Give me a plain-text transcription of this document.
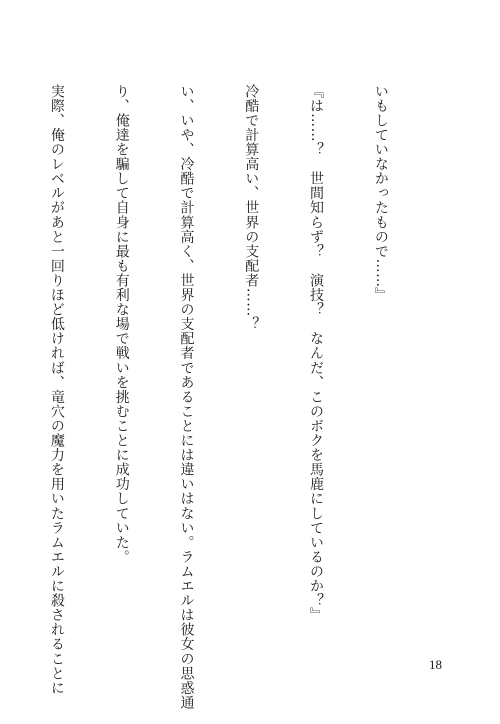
いもしていなかったもので……』

『は……？　世間知らず？　演技？　なんだ、このボクを馬鹿にしているのか？』

冷酷で計算高い、世界の支配者……？

い、いや、冷酷で計算高く、世界の支配者であることには違いはない。ラムエルは彼女の思惑通

り、俺達を騙して自身に最も有利な場で戦いを挑むことに成功していた。

実際、俺のレベルがあと一回りほど低ければ、竜穴の魔力を用いたラムエルに殺されることに

	18
